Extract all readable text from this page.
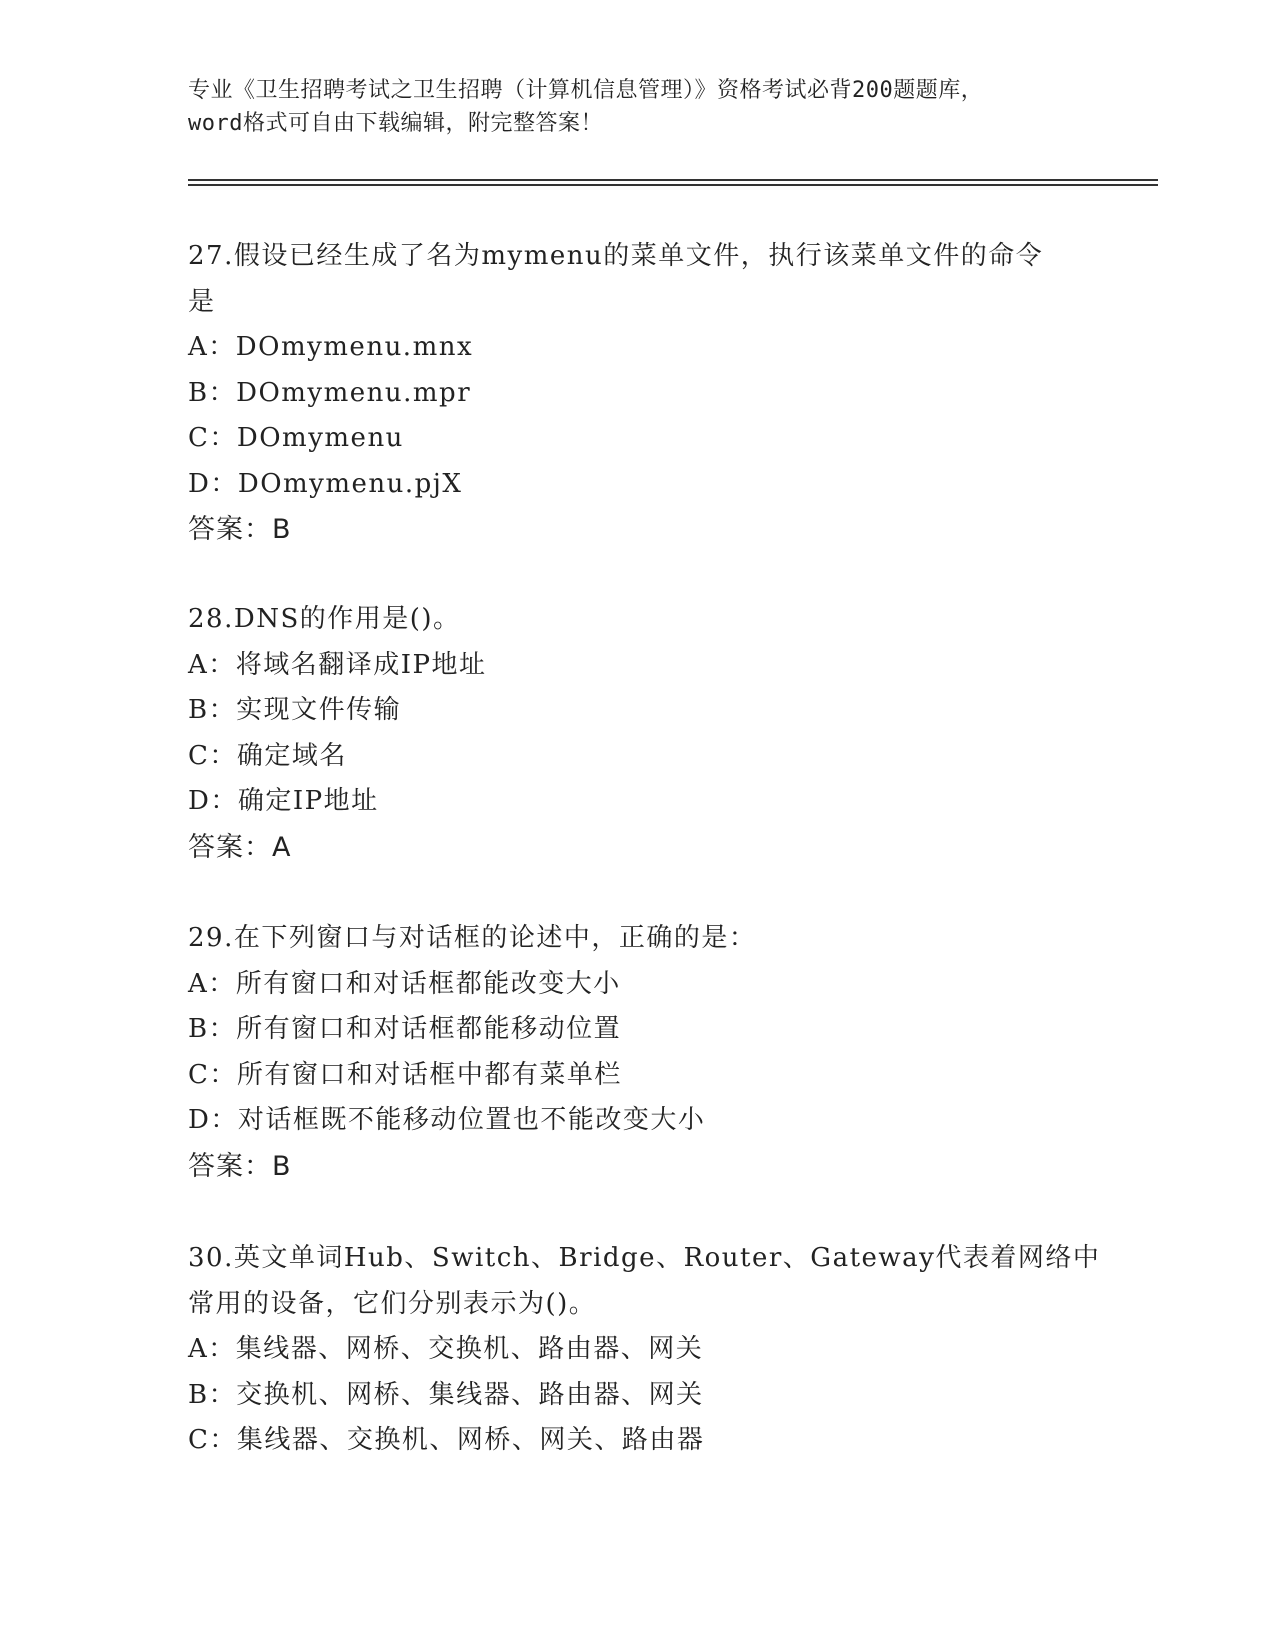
专业《卫生招聘考试之卫生招聘（计算机信息管理）》资格考试必背200题题库，
word格式可自由下载编辑，附完整答案！
27.假设已经生成了名为mymenu的菜单文件，执行该菜单文件的命令
是
A：DOmymenu.mnx
B：DOmymenu.mpr
C：DOmymenu
D：DOmymenu.pjX
答案：B
28.DNS的作用是()。
A：将域名翻译成IP地址
B：实现文件传输
C：确定域名
D：确定IP地址
答案：A
29.在下列窗口与对话框的论述中，正确的是：
A：所有窗口和对话框都能改变大小
B：所有窗口和对话框都能移动位置
C：所有窗口和对话框中都有菜单栏
D：对话框既不能移动位置也不能改变大小
答案：B
30.英文单词Hub、Switch、Bridge、Router、Gateway代表着网络中
常用的设备，它们分别表示为()。
A：集线器、网桥、交换机、路由器、网关
B：交换机、网桥、集线器、路由器、网关
C：集线器、交换机、网桥、网关、路由器
